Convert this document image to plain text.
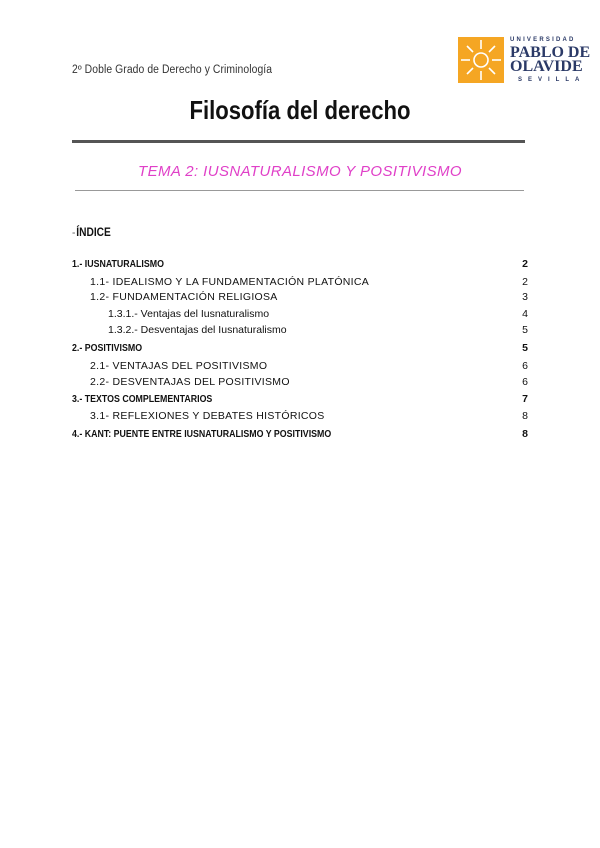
2º Doble Grado de Derecho y Criminología
UNIVERSIDAD
PABLO DE
OLAVIDE
SEVILLA
Filosofía del derecho
TEMA 2: IUSNATURALISMO Y POSITIVISMO
-ÍNDICE
1.- IUSNATURALISMO	2
1.1- IDEALISMO Y LA FUNDAMENTACIÓN PLATÓNICA	2
1.2- FUNDAMENTACIÓN RELIGIOSA	3
1.3.1.- Ventajas del Iusnaturalismo	4
1.3.2.- Desventajas del Iusnaturalismo	5
2.- POSITIVISMO	5
2.1- VENTAJAS DEL POSITIVISMO	6
2.2- DESVENTAJAS DEL POSITIVISMO	6
3.- TEXTOS COMPLEMENTARIOS	7
3.1- REFLEXIONES Y DEBATES HISTÓRICOS	8
4.- KANT: PUENTE ENTRE IUSNATURALISMO Y POSITIVISMO	8
